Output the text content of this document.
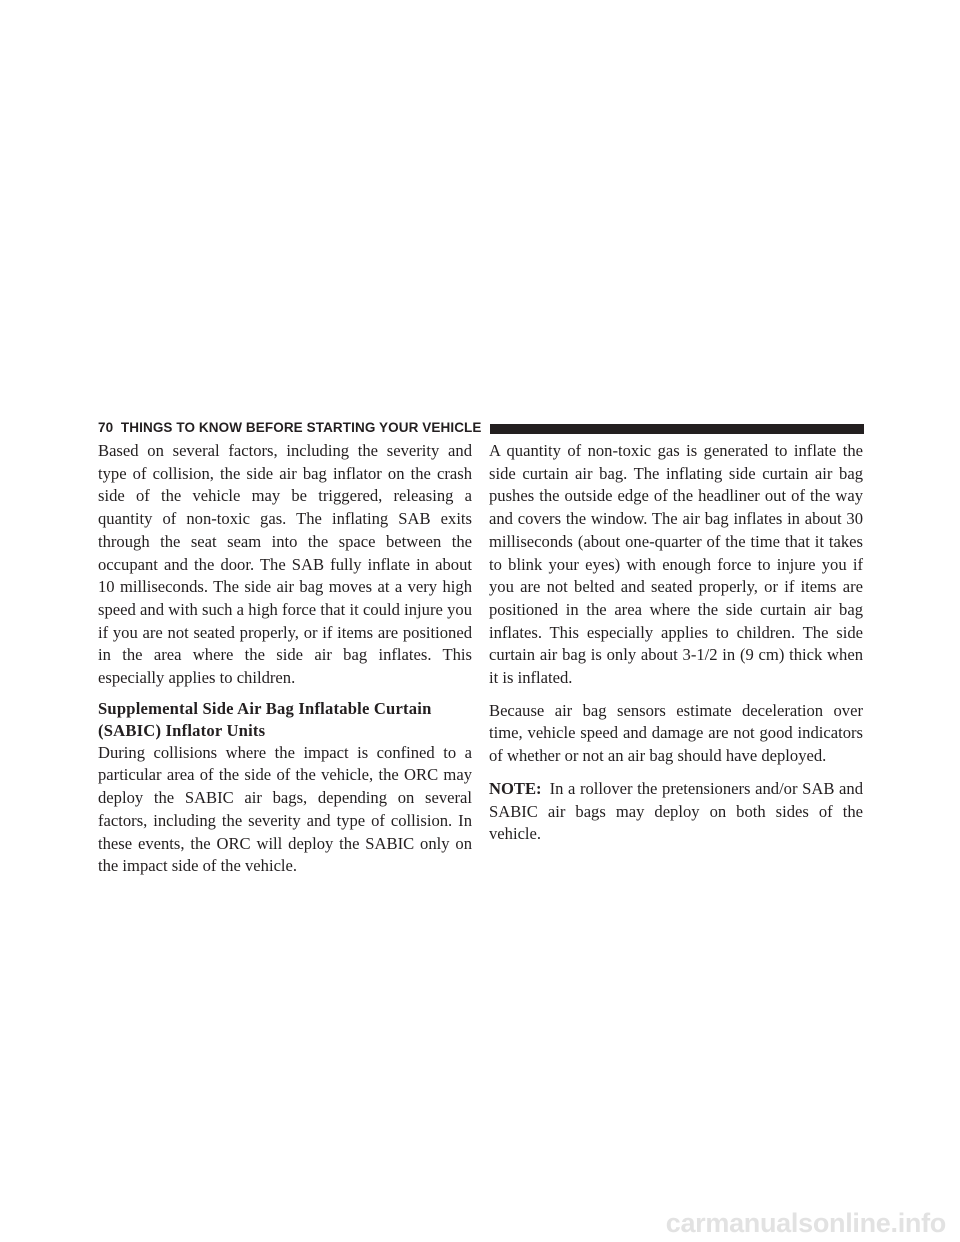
70 THINGS TO KNOW BEFORE STARTING YOUR VEHICLE

Based on several factors, including the severity and type of collision, the side air bag inflator on the crash side of the vehicle may be triggered, releasing a quantity of non-toxic gas. The inflating SAB exits through the seat seam into the space between the occupant and the door. The SAB fully inflate in about 10 milliseconds. The side air bag moves at a very high speed and with such a high force that it could injure you if you are not seated properly, or if items are positioned in the area where the side air bag inflates. This especially applies to children.

Supplemental Side Air Bag Inflatable Curtain
(SABIC) Inflator Units

During collisions where the impact is confined to a particular area of the side of the vehicle, the ORC may deploy the SABIC air bags, depending on several factors, including the severity and type of collision. In these events, the ORC will deploy the SABIC only on the impact side of the vehicle.

A quantity of non-toxic gas is generated to inflate the side curtain air bag. The inflating side curtain air bag pushes the outside edge of the headliner out of the way and covers the window. The air bag inflates in about 30 milliseconds (about one-quarter of the time that it takes to blink your eyes) with enough force to injure you if you are not belted and seated properly, or if items are positioned in the area where the side curtain air bag inflates. This especially applies to children. The side curtain air bag is only about 3-1/2 in (9 cm) thick when it is inflated.

Because air bag sensors estimate deceleration over time, vehicle speed and damage are not good indicators of whether or not an air bag should have deployed.

NOTE: In a rollover the pretensioners and/or SAB and SABIC air bags may deploy on both sides of the vehicle.

carmanualsonline.info
